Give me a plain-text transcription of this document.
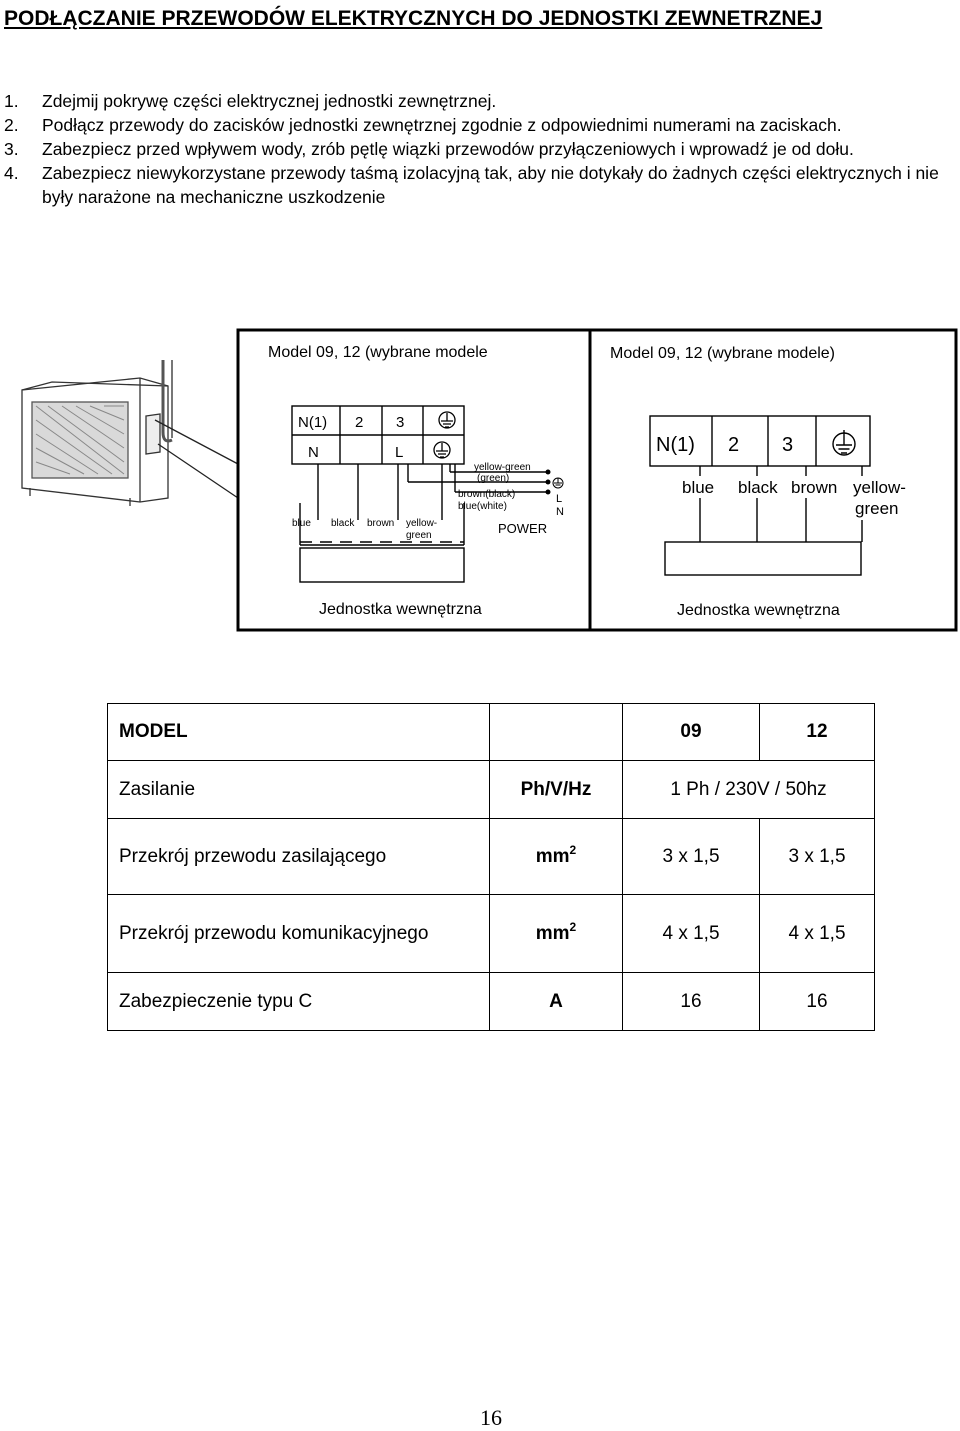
PODŁĄCZANIE PRZEWODÓW ELEKTRYCZNYCH DO JEDNOSTKI ZEWNETRZNEJ
1. Zdejmij pokrywę części elektrycznej jednostki zewnętrznej.
2. Podłącz przewody do zacisków jednostki zewnętrznej zgodnie z odpowiednimi numerami na zaciskach.
3. Zabezpiecz przed wpływem wody, zrób pętlę wiązki przewodów przyłączeniowych i wprowadź je od dołu.
4. Zabezpiecz niewykorzystane przewody taśmą izolacyjną tak, aby nie dotykały do żadnych części elektrycznych i nie były narażone na mechaniczne uszkodzenie
Model 09, 12 (wybrane modele
N(1) 2 3
N	L
blue black brown yellow-
green
yellow-green
(green)
brown(black)
blue(white)
L
N
POWER
Jednostka wewnętrzna
Model 09, 12 (wybrane modele)
N(1) 2 3
blue black brown yellow-
green
Jednostka wewnętrzna
MODEL		09	12
Zasilanie	Ph/V/Hz	1 Ph / 230V / 50hz	
Przekrój przewodu zasilającego	$mm^2$	3 x 1,5	3 x 1,5
Przekrój przewodu komunikacyjnego	$mm^2$	4 x 1,5	4 x 1,5
Zabezpieczenie typu C	A	16	16
16
